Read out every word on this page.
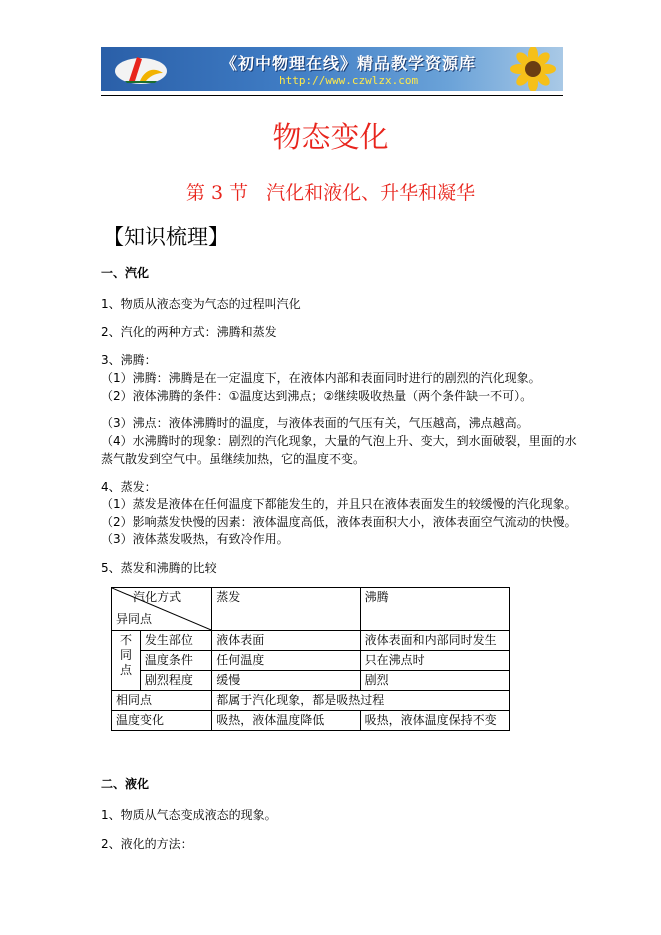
《初中物理在线》精品教学资源库
http://www.czwlzx.com
物态变化
第 3 节 汽化和液化、升华和凝华
【知识梳理】
一、汽化
1、物质从液态变为气态的过程叫汽化
2、汽化的两种方式：沸腾和蒸发
3、沸腾：
（1）沸腾：沸腾是在一定温度下，在液体内部和表面同时进行的剧烈的汽化现象。
（2）液体沸腾的条件：①温度达到沸点；②继续吸收热量（两个条件缺一不可）。
（3）沸点：液体沸腾时的温度，与液体表面的气压有关，气压越高，沸点越高。
（4）水沸腾时的现象：剧烈的汽化现象，大量的气泡上升、变大，到水面破裂，里面的水
蒸气散发到空气中。虽继续加热，它的温度不变。
4、蒸发：
（1）蒸发是液体在任何温度下都能发生的，并且只在液体表面发生的较缓慢的汽化现象。
（2）影响蒸发快慢的因素：液体温度高低，液体表面积大小，液体表面空气流动的快慢。
（3）液体蒸发吸热，有致冷作用。
5、蒸发和沸腾的比较
汽化方式
异同点		蒸发	沸腾

不
同
点	发生部位	液体表面	液体表面和内部同时发生
	温度条件	任何温度	只在沸点时
	剧烈程度	缓慢	剧烈
相同点		都属于汽化现象，都是吸热过程	
温度变化		吸热，液体温度降低	吸热，液体温度保持不变
二、液化
1、物质从气态变成液态的现象。
2、液化的方法：
